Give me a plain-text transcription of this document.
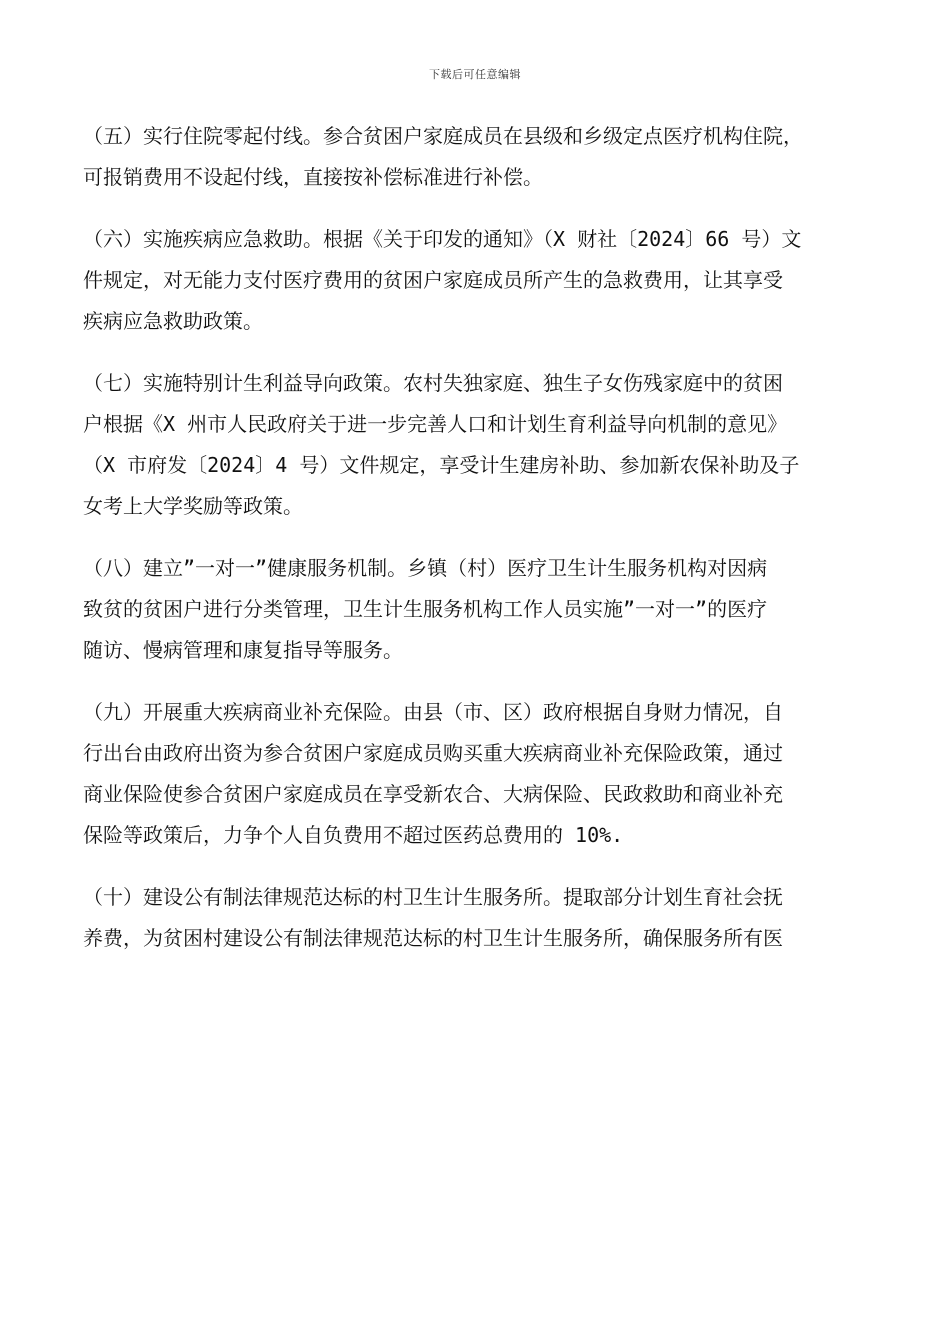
下载后可任意编辑
（五）实行住院零起付线。参合贫困户家庭成员在县级和乡级定点医疗机构住院，
可报销费用不设起付线，直接按补偿标准进行补偿。
（六）实施疾病应急救助。根据《关于印发的通知》（X 财社〔2024〕66 号）文
件规定，对无能力支付医疗费用的贫困户家庭成员所产生的急救费用，让其享受
疾病应急救助政策。
（七）实施特别计生利益导向政策。农村失独家庭、独生子女伤残家庭中的贫困
户根据《X 州市人民政府关于进一步完善人口和计划生育利益导向机制的意见》
（X 市府发〔2024〕4 号）文件规定，享受计生建房补助、参加新农保补助及子
女考上大学奖励等政策。
（八）建立”一对一”健康服务机制。乡镇（村）医疗卫生计生服务机构对因病
致贫的贫困户进行分类管理，卫生计生服务机构工作人员实施”一对一”的医疗
随访、慢病管理和康复指导等服务。
（九）开展重大疾病商业补充保险。由县（市、区）政府根据自身财力情况，自
行出台由政府出资为参合贫困户家庭成员购买重大疾病商业补充保险政策，通过
商业保险使参合贫困户家庭成员在享受新农合、大病保险、民政救助和商业补充
保险等政策后，力争个人自负费用不超过医药总费用的 10%.
（十）建设公有制法律规范达标的村卫生计生服务所。提取部分计划生育社会抚
养费，为贫困村建设公有制法律规范达标的村卫生计生服务所，确保服务所有医
